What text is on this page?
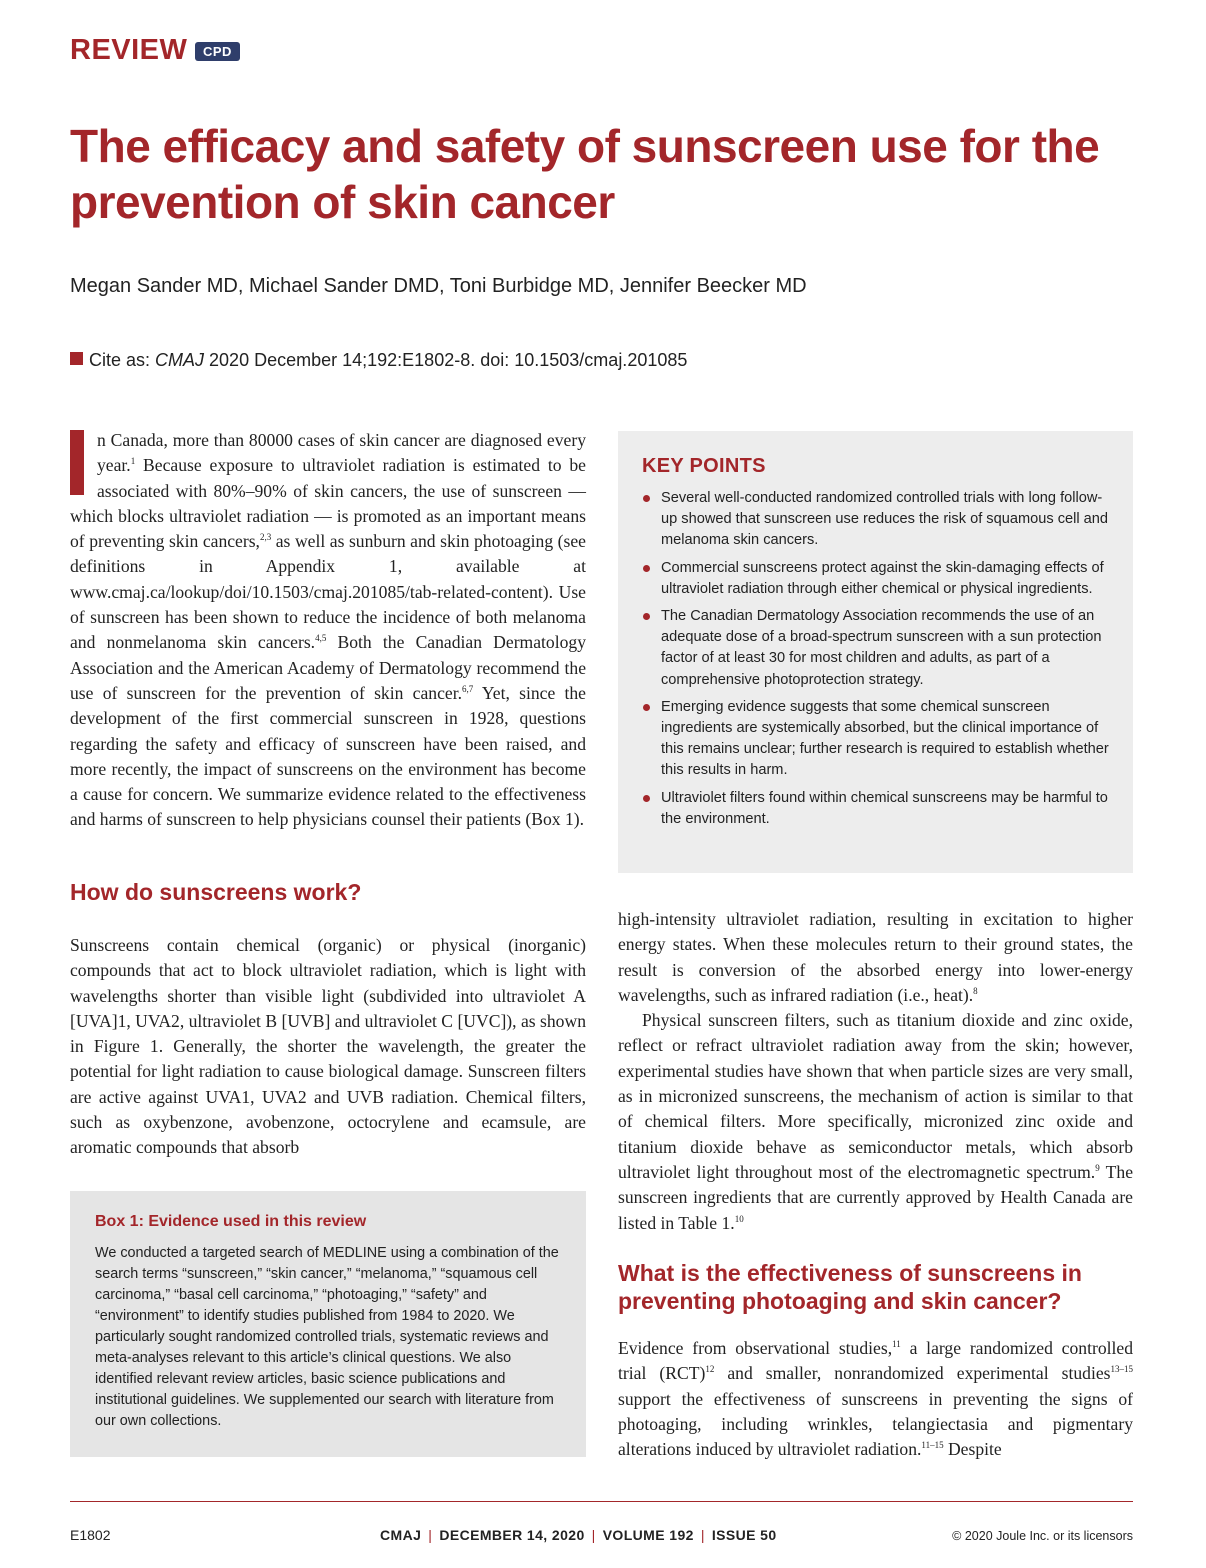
REVIEW	CPD
The efficacy and safety of sunscreen use for the prevention of skin cancer
Megan Sander MD, Michael Sander DMD, Toni Burbidge MD, Jennifer Beecker MD
Cite as: CMAJ 2020 December 14;192:E1802-8. doi: 10.1503/cmaj.201085

n Canada, more than 80000 cases of skin cancer are diagnosed every year.$^1$ Because exposure to ultraviolet radiation is estimated to be associated with 80%–90% of skin cancers, the use of sunscreen — which blocks ultraviolet radiation — is promoted as an important means of preventing skin cancers,$^{2,3}$ as well as sunburn and skin photoaging (see definitions in Appendix 1, available at www.cmaj.ca/lookup/doi/10.1503/cmaj.201085/tab-related-content). Use of sunscreen has been shown to reduce the incidence of both melanoma and nonmelanoma skin cancers.$^{4,5}$ Both the Canadian Dermatology Association and the American Academy of Dermatology recommend the use of sunscreen for the prevention of skin cancer.$^{6,7}$ Yet, since the development of the first commercial sunscreen in 1928, questions regarding the safety and efficacy of sunscreen have been raised, and more recently, the impact of sunscreens on the environment has become a cause for concern. We summarize evidence related to the effectiveness and harms of sunscreen to help physicians counsel their patients (Box 1).

How do sunscreens work?

Sunscreens contain chemical (organic) or physical (inorganic) compounds that act to block ultraviolet radiation, which is light with wavelengths shorter than visible light (subdivided into ultraviolet A [UVA]1, UVA2, ultraviolet B [UVB] and ultraviolet C [UVC]), as shown in Figure 1. Generally, the shorter the wavelength, the greater the potential for light radiation to cause biological damage. Sunscreen filters are active against UVA1, UVA2 and UVB radiation. Chemical filters, such as oxybenzone, avobenzone, octocrylene and ecamsule, are aromatic compounds that absorb

Box 1: Evidence used in this review
We conducted a targeted search of MEDLINE using a combination of the search terms “sunscreen,” “skin cancer,” “melanoma,” “squamous cell carcinoma,” “basal cell carcinoma,” “photoaging,” “safety” and “environment” to identify studies published from 1984 to 2020. We particularly sought randomized controlled trials, systematic reviews and meta-analyses relevant to this article’s clinical questions. We also identified relevant review articles, basic science publications and institutional guidelines. We supplemented our search with literature from our own collections.
KEY POINTS
Several well-conducted randomized controlled trials with long follow-up showed that sunscreen use reduces the risk of squamous cell and melanoma skin cancers.
Commercial sunscreens protect against the skin-damaging effects of ultraviolet radiation through either chemical or physical ingredients.
The Canadian Dermatology Association recommends the use of an adequate dose of a broad-spectrum sunscreen with a sun protection factor of at least 30 for most children and adults, as part of a comprehensive photoprotection strategy.
Emerging evidence suggests that some chemical sunscreen ingredients are systemically absorbed, but the clinical importance of this remains unclear; further research is required to establish whether this results in harm.
Ultraviolet filters found within chemical sunscreens may be harmful to the environment.
high-intensity ultraviolet radiation, resulting in excitation to higher energy states. When these molecules return to their ground states, the result is conversion of the absorbed energy into lower-energy wavelengths, such as infrared radiation (i.e., heat).$^8$
Physical sunscreen filters, such as titanium dioxide and zinc oxide, reflect or refract ultraviolet radiation away from the skin; however, experimental studies have shown that when particle sizes are very small, as in micronized sunscreens, the mechanism of action is similar to that of chemical filters. More specifically, micronized zinc oxide and titanium dioxide behave as semiconductor metals, which absorb ultraviolet light throughout most of the electromagnetic spectrum.$^9$ The sunscreen ingredients that are currently approved by Health Canada are listed in Table 1.10
What is the effectiveness of sunscreens in preventing photoaging and skin cancer?

Evidence from observational studies,$^{11}$ a large randomized controlled trial (RCT)$^{12}$ and smaller, nonrandomized experimental studies$^{13-15}$ support the effectiveness of sunscreens in preventing the signs of photoaging, including wrinkles, telangiectasia and pigmentary alterations induced by ultraviolet radiation.$^{11-15}$ Despite

E1802	CMAJ | DECEMBER 14, 2020 | VOLUME 192 | ISSUE 50	© 2020 Joule Inc. or its licensors
